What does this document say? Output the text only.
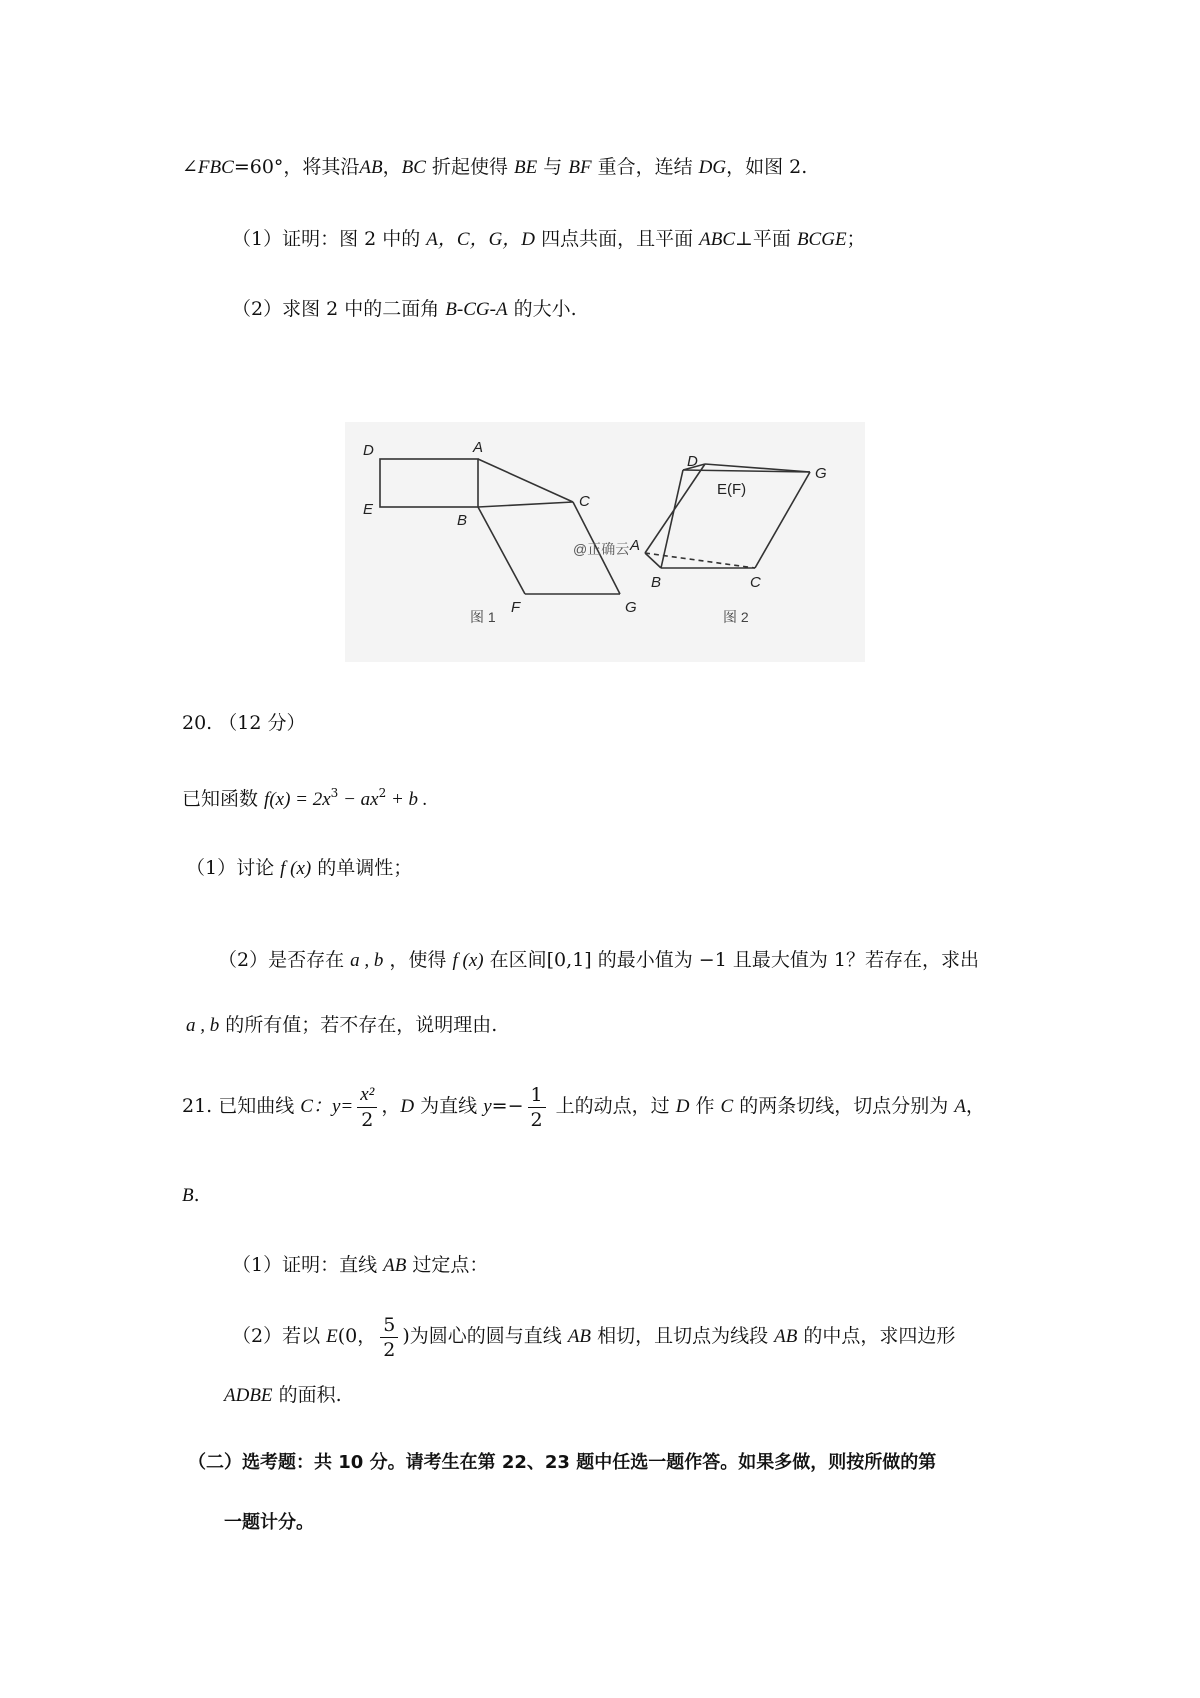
∠FBC=60°，将其沿AB，BC 折起使得 BE 与 BF 重合，连结 DG，如图 2.
（1）证明：图 2 中的 A，C，G，D 四点共面，且平面 ABC⊥平面 BCGE；
（2）求图 2 中的二面角 B-CG-A 的大小.
D	A
E
B
C
F	G
D
E(F)
G
A
B	C
@正确云
图 1	图 2
20. （12 分）
已知函数 $f(x) = 2x^3 - ax^2 + b$ .
（1）讨论 f (x) 的单调性；
（2）是否存在 a , b ，使得 f (x) 在区间[0,1] 的最小值为 −1 且最大值为 1？若存在，求出
a , b 的所有值；若不存在，说明理由.
21. 已知曲线 C：$y= \frac{\text{x²}}{2}$ ，D 为直线 $y=- \frac{1}{2}$ 上的动点，过 D 作 C 的两条切线，切点分别为 A，
B.
（1）证明：直线 AB 过定点：
（2）若以 E(0， $\frac{5}{2}$ )为圆心的圆与直线 AB 相切，且切点为线段 AB 的中点，求四边形
ADBE 的面积.
（二）选考题：共 10 分。请考生在第 22、23 题中任选一题作答。如果多做，则按所做的第
一题计分。
